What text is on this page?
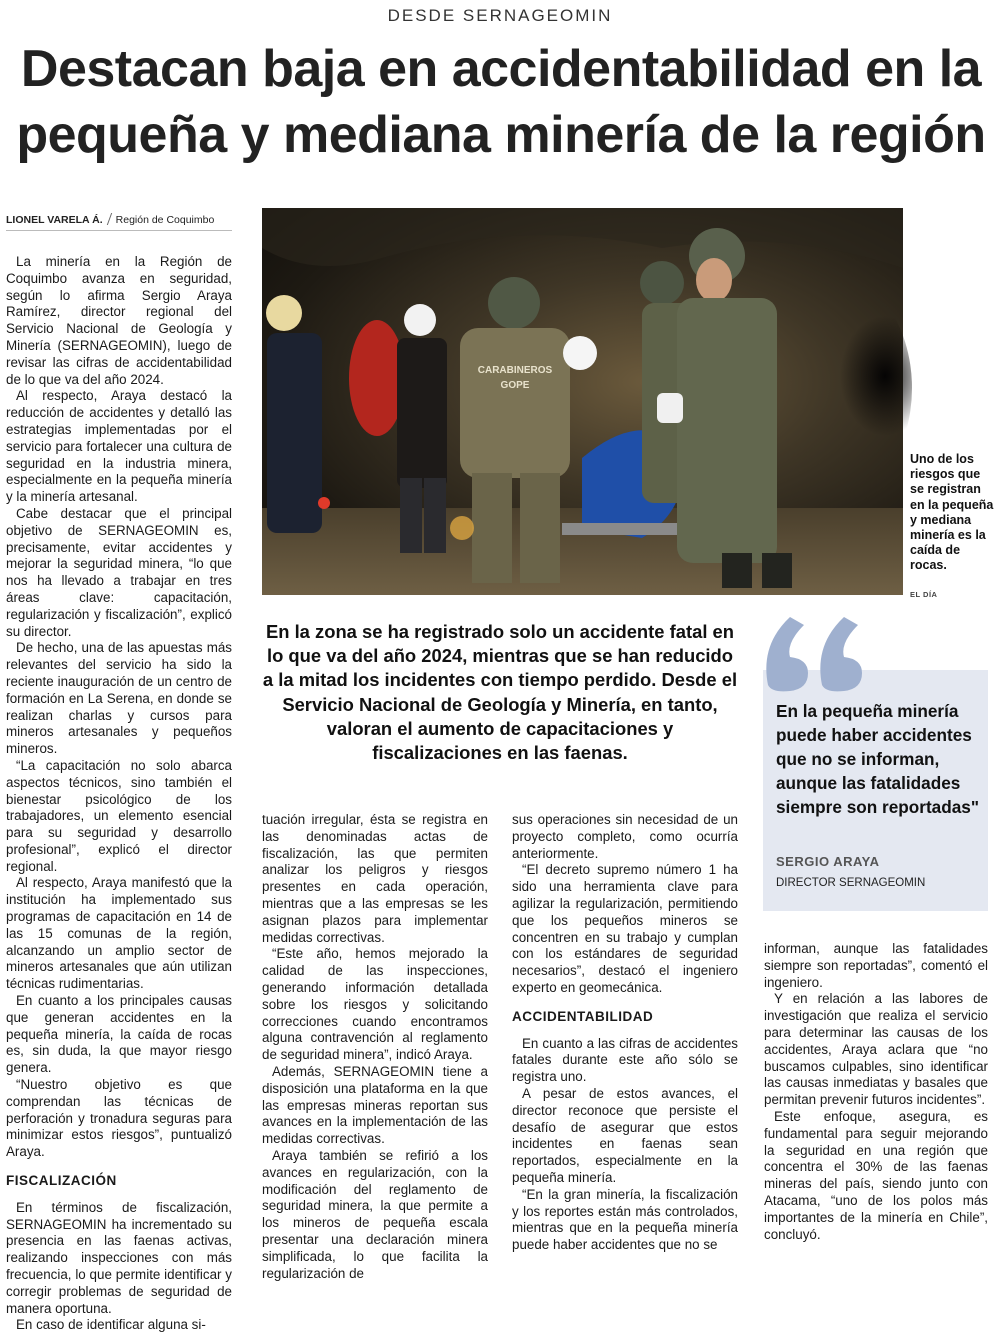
DESDE SERNAGEOMIN
Destacan baja en accidentabilidad en la pequeña y mediana minería de la región
LIONEL VARELA Á. Región de Coquimbo

La minería en la Región de Coquimbo avanza en seguridad, según lo afirma Sergio Araya Ramírez, director regional del Servicio Nacional de Geología y Minería (SERNAGEOMIN), luego de revisar las cifras de accidentabilidad de lo que va del año 2024.

Al respecto, Araya destacó la reducción de accidentes y detalló las estrategias implementadas por el servicio para fortalecer una cultura de seguridad en la industria minera, especialmente en la pequeña minería y la minería artesanal.

Cabe destacar que el principal objetivo de SERNAGEOMIN es, precisamente, evitar accidentes y mejorar la seguridad minera, “lo que nos ha llevado a trabajar en tres áreas clave: capacitación, regularización y fiscalización”, explicó su director.

De hecho, una de las apuestas más relevantes del servicio ha sido la reciente inauguración de un centro de formación en La Serena, en donde se realizan charlas y cursos para mineros artesanales y pequeños mineros.

“La capacitación no solo abarca aspectos técnicos, sino también el bienestar psicológico de los trabajadores, un elemento esencial para su seguridad y desarrollo profesional”, explicó el director regional.

Al respecto, Araya manifestó que la institución ha implementado sus programas de capacitación en 14 de las 15 comunas de la región, alcanzando un amplio sector de mineros artesanales que aún utilizan técnicas rudimentarias.

En cuanto a los principales causas que generan accidentes en la pequeña minería, la caída de rocas es, sin duda, la que mayor riesgo genera.

“Nuestro objetivo es que comprendan las técnicas de perforación y tronadura seguras para minimizar estos riesgos”, puntualizó Araya.

FISCALIZACIÓN

En términos de fiscalización, SERNAGEOMIN ha incrementado su presencia en las faenas activas, realizando inspecciones con más frecuencia, lo que permite identificar y corregir problemas de seguridad de manera oportuna.

En caso de identificar alguna si-

CARABINEROS
GOPE
Uno de los riesgos que se registran en la pequeña y mediana minería es la caída de rocas.
EL DÍA
En la zona se ha registrado solo un accidente fatal en lo que va del año 2024, mientras que se han reducido a la mitad los incidentes con tiempo perdido. Desde el Servicio Nacional de Geología y Minería, en tanto, valoran el aumento de capacitaciones y fiscalizaciones en las faenas.
En la pequeña minería puede haber accidentes que no se informan, aunque las fatalidades siempre son reportadas"
SERGIO ARAYA
DIRECTOR SERNAGEOMIN

tuación irregular, ésta se registra en las denominadas actas de fiscalización, las que permiten analizar los peligros y riesgos presentes en cada operación, mientras que a las empresas se les asignan plazos para implementar medidas correctivas.

“Este año, hemos mejorado la calidad de las inspecciones, generando información detallada sobre los riesgos y solicitando correcciones cuando encontramos alguna contravención al reglamento de seguridad minera”, indicó Araya.

Además, SERNAGEOMIN tiene a disposición una plataforma en la que las empresas mineras reportan sus avances en la implementación de las medidas correctivas.

Araya también se refirió a los avances en regularización, con la modificación del reglamento de seguridad minera, la que permite a los mineros de pequeña escala presentar una declaración minera simplificada, lo que facilita la regularización de

sus operaciones sin necesidad de un proyecto completo, como ocurría anteriormente.

“El decreto supremo número 1 ha sido una herramienta clave para agilizar la regularización, permitiendo que los pequeños mineros se concentren en su trabajo y cumplan con los estándares de seguridad necesarios”, destacó el ingeniero experto en geomecánica.

ACCIDENTABILIDAD

En cuanto a las cifras de accidentes fatales durante este año sólo se registra uno.

A pesar de estos avances, el director reconoce que persiste el desafío de asegurar que estos incidentes en faenas sean reportados, especialmente en la pequeña minería.

“En la gran minería, la fiscalización y los reportes están más controlados, mientras que en la pequeña minería puede haber accidentes que no se

informan, aunque las fatalidades siempre son reportadas”, comentó el ingeniero.

Y en relación a las labores de investigación que realiza el servicio para determinar las causas de los accidentes, Araya aclara que “no buscamos culpables, sino identificar las causas inmediatas y basales que permitan prevenir futuros incidentes”.

Este enfoque, asegura, es fundamental para seguir mejorando la seguridad en una región que concentra el 30% de las faenas mineras del país, siendo junto con Atacama, “uno de los polos más importantes de la minería en Chile”, concluyó.
